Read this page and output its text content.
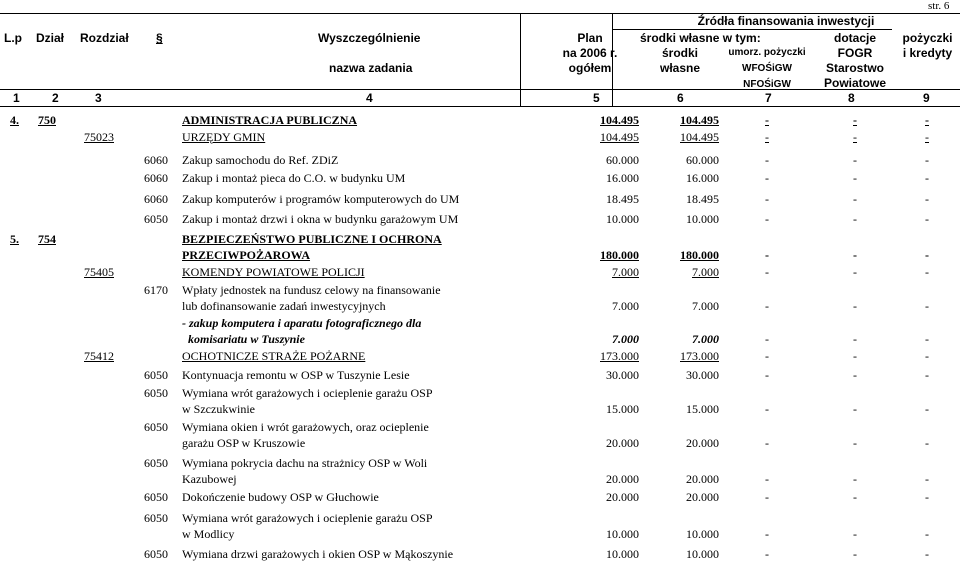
str. 6
L.p Dział Rozdział §	Wyszczególnienie
nazwa zadania
Plan
na 2006 r.
ogółem
Źródła finansowania inwestycji
środki własne w tym:
środki
własne
umorz. pożyczki
WFOŚiGW
NFOŚiGW
dotacje
FOGR
Starostwo
Powiatowe
pożyczki
i kredyty
1	2	3	4	5	6	7	8	9
4. 750	ADMINISTRACJA PUBLICZNA	104.495	104.495	-	-	-
75023	URZĘDY GMIN	104.495	104.495	-	-	-
6060 Zakup samochodu do Ref. ZDiZ	60.000	60.000	-	-	-
6060 Zakup i montaż pieca do C.O. w budynku UM	16.000	16.000	-	-	-
6060 Zakup komputerów i programów komputerowych do UM	18.495	18.495	-	-	-
6050 Zakup i montaż drzwi i okna w budynku garażowym UM	10.000	10.000	-	-	-
5. 754	BEZPIECZEŃSTWO PUBLICZNE I OCHRONA
PRZECIWPOŻAROWA	180.000	180.000	-	-	-
75405	KOMENDY POWIATOWE POLICJI	7.000	7.000	-	-	-
6170 Wpłaty jednostek na fundusz celowy na finansowanie
lub dofinansowanie zadań inwestycyjnych	7.000	7.000	-	-	-
- zakup komputera i aparatu fotograficznego dla
komisariatu w Tuszynie	7.000	7.000	-	-	-
75412	OCHOTNICZE STRAŻE POŻARNE	173.000	173.000	-	-	-
6050 Kontynuacja remontu w OSP w Tuszynie Lesie	30.000	30.000	-	-	-
6050 Wymiana wrót garażowych i ocieplenie garażu OSP
w Szczukwinie	15.000	15.000	-	-	-
6050 Wymiana okien i wrót garażowych, oraz ocieplenie
garażu OSP w Kruszowie	20.000	20.000	-	-	-
6050 Wymiana pokrycia dachu na strażnicy OSP w Woli
Kazubowej	20.000	20.000	-	-	-
6050 Dokończenie budowy OSP w Głuchowie	20.000	20.000	-	-	-
6050 Wymiana wrót garażowych i ocieplenie garażu OSP
w Modlicy	10.000	10.000	-	-	-
6050 Wymiana drzwi garażowych i okien OSP w Mąkoszynie	10.000	10.000	-	-	-
